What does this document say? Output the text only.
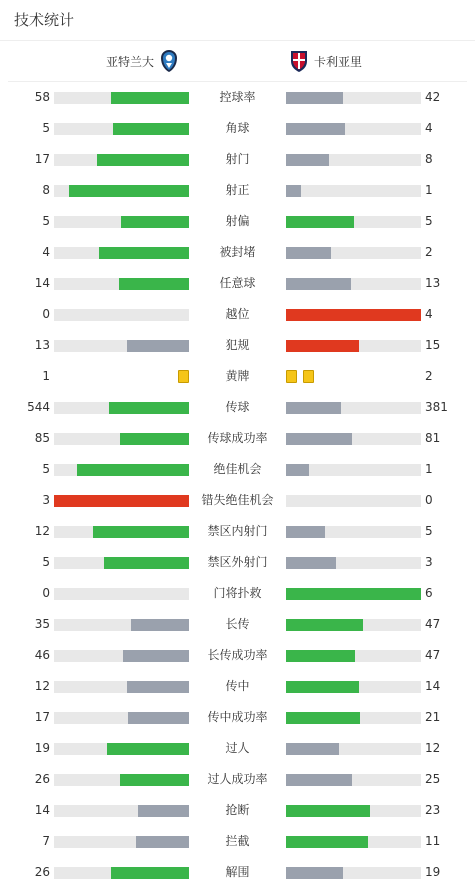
技术统计
亚特兰大	卡利亚里
58	控球率	42
5	角球	4
17	射门	8
8	射正	1
5	射偏	5
4	被封堵	2
14	任意球	13
0	越位	4
13	犯规	15
1	黄牌	2
544	传球	381
85	传球成功率	81
5	绝佳机会	1
3	错失绝佳机会	0
12	禁区内射门	5
5	禁区外射门	3
0	门将扑救	6
35	长传	47
46	长传成功率	47
12	传中	14
17	传中成功率	21
19	过人	12
26	过人成功率	25
14	抢断	23
7	拦截	11
26	解围	19
